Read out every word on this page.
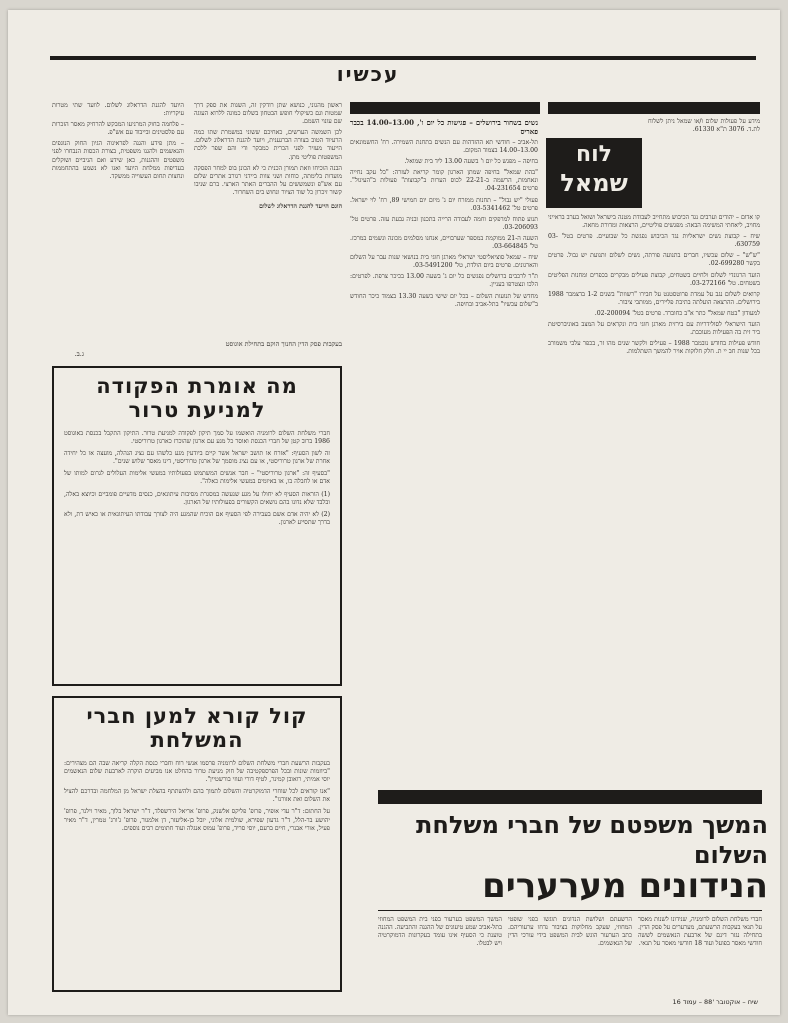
עכשיו

היועד להגנת הדראלוג לשלום. לוועד שתי מטרות עיקריות:

– פלחמה בחוק המרניעו המבקש להרחיק מאסר הזכרות עם פלסטינים ובייבוד עם אש"פ.

– מתן פידע והגנה לפראינוה הגיון החוק הנוגפים והנאשמים ולהגנו משפטית, בצורת הכסות הנבחרו לפני משפטים וההגנות, כאן שידע ואם הניביים ושוקלים בעדיפות ממלחת היועד ואנו לא נשמע בהתחממות ונחצות תחום העשוייה ממשקד.

ג.ב.

ראשון מהגוני, כנושא שתן רודקין זה, השגות את ספק דרך שמטות וגם כשיקולי חופש הבטחון בשלום כמוגה ללרוא העוגה שם עונוי השמם.

לכן השמשה הערשים, כאחיכם ששוני במשמרת שתו כמה הרעיוד הטוב בצורה הברגענית, ויועד להגנת הדראלוג לשלום. הייעוד מעזיר לפני הכרית כמבקר ודי והם שפר ללכת המשפטות פוליטי מתן.

הבנה הוכיחו וזאת תמורן הכנית כי לא הכונן בוס למחר הפסקה מועדות בלימתה, כוחות ושני צוות ביידני רגורב אתרים שלום עם אש"פ ונשמששים על ההברים האתר הארצי. ברם שניבו קשור זיכרון כל שוד הציור ונחוש בים השחרור.

הוגם הייעד להגנת הדראלוג לשלום

בעקבות פסק הדין החנוך הוקם בתחילת אוגוסט

נשים בשחור בירושלים – פגישות כל יום ו', 13.00–14.00 בכבר פאריס

תל-אביב – חודשי תא ההזדהות עם הנשים בתחנת השמירה. רח' החשמונאים 13.00–14.00 בצמוד המקום.

בחיפה – מפגש כל יום ו' בשעה 13.00 ליד בית שמואל.

"בהת שמאל" בחיפה שמתן הארגון קומר קריאת לעזרה: "כל עקב נחייה ונאחמות, הרשמה ב-22-21 לכוס הערות ב"קבוצות" פעולות ב"העיגול". פרטים 04-231654.

פעולי "יש גבול" – תחנות ממזרח יום ג' מיום יום חמישי 89, רח' לוי ישראל. פרטים טל' 03-5341462.

תנוע פתוח למרפקים וחמה לעבודה הרייה בתכנון ובניה גבעת עזה. פרטים טל' 03-206093.

השעה ה-21 ממוקמת במספר שערבויים, אנחנו מסלמים מכונה ונשמים במרכז. טל' 03-664845.

שיח – שמאל סוציאליסטי ישראלי מארגן חוגי בית בנושאי שנות עבר על השלום והארגונים. פרטים ביום הולדת, טל' 03-5491200.

ת"ר לרכבים ברושלים נפגשים כל יום ג' בשעה 13.00 בכיכר צרפת. לפרטים: הלכו ונצטרפו בעניין.

מחדש של תנועות השלום – בכל יום שישי בשעה 13.30 בצמוד כיכר החודש ב"שלום עכשיו" בתל-אביב ובחיפה.

מידע על פעולות שלום ו/או שמאל ניתן לשלוח לת.ד. 3076 ת"א 61330.

לוח
שמאל

קו אדום – יהודים וערבים נגד הכיבוש מתחייב לעבודת מטנה בישראל ושואל בערב בראייני מחויב, ליאחתי המשימה הבאה: מפגשים פוליטיים, הרצאות ומדורת מחאה.

שיח – קבוצת נשים ישראליות נגד הכיבוש נפגשת כל שבועיים. פרטים בטל' 03-630759.

"ש"ש" – שלום עכשיו, חברים בתנועה פורתה, נשים לשלום ותנועת יש גבול. פרטים בקשר 02-699280.

הועד הרגונדי לשלום ולחיים בשטחים, קבוצת פעילים מבקרים בכפרים ומחנות הפליטים בשטחים. טל' 03-272166.

קרואים לשלום נגב על עמדת פרוטסטנט על חבירו "רשוות" בשנים 1-2 בדצמבר 1988 בירושלים. ההרצאה הועלתה בתיבת פליירים, ממותבי ציבור.

למעודון "בטח שמאל" כתר א"ב כחוברד. פרטים בטל' 02-200094.

הועד הישראלי לסולידריות עם בירזית מארגן חוגי בית ונקראים על המצב באוניברסיטת ביר זית בה הפעילות מעוכבת.

חודש פעילות בחודש נובמבר 1988 – פעילים ולקשר שנים מהו זר, בכפר עלבי משמורב בכל שנות חב יי ת. חלק חלוקות אויר להמשך השתלמות.

מה אומרת הפקודה למניעת טרור

חברי משלחת השלום לרומניה הואשמו על סמך תיקון לפקודה למניעת טרור. התיקון התקבל בכנסת באוגוסט 1986 ברוב קטן של חברי הכנסת ואוסר כל מגע עם ארגון שהוכרז כארגון טרוריסטי.

זה לשון הסעיף: "אזרח או תושב ישראל אשר קיים ביודעין מגע כלשהו עם נציג הנהלה, מועצה או כל יחידה אחרת של ארגון טרוריסטי, או עם נציג מוסמך של ארגון טרוריסטי, דינו מאסר שלוש שנים".

"בסעיף זה: "ארגון טרוריסטי" – חבר אנשים המשתמש בפעולותיו במעשי אלימות העלולים לגרום למותו של אדם או לחבלה בו, או באיומים במעשי אלימות כאלה".

(1) הוראות הסעיף לא יחולו על מגע שנעשה במסגרת מסיבות עיתונאים, כנסים מדעיים פומביים וכיוצא באלה, ובלבד שלא נדונו בהם נושאים הקשורים בפעולותיו של הארגון.

(2) לא יהיה אדם אשם בעבירה לפי הסעיף אם הוכיח שהמגע היה לצורך עבודתו העיתונאית או כאיש דת, ולא בדרך שתסייע לארגון.

קול קורא למען חברי המשלחת

בעקבות הרשעת חברי משלחת השלום לרומניה פרסמו אנשי רוח וחברי כנסת הקלה קריאה שבה הם מצהירים: "ביוזמות שונות ובכל הפרספקטיבה של חוק מניעת טרור בהחלט אנו מביעים הוקרה לארבעת שלום הנאשמים יוסי אמיתי, רואובן קמינר, לטיף דורי ועוזי בורשטיין".

"אנו קוראים לכל שוחרי הדמוקרטיה והשלום לתמוך בהם ולהשתתף בהצלת ישראל מן המלחמה ובדרכם להציל את השלום ואת אזורנו".

על החתום: ד"ר עדי אופיר, פרופ' פליקס אלשנק, פרופ' אריאל הירשפלד, ד"ר ישראל בלוך, מאיר וילנר, פרופ' יהושע בר-הלל, ד"ר גדעון שפירא, שולמית אלוני, יובל בן-אליעזר, דן אלמגור, פרופ' ג'ורג' טמרין, ד"ר מאיר פעיל, אורי אבנרי, חיים ברעם, יוסי סריד, פרופ' עמוס אנגלה ועוד חתומים רבים נוספים.	המשך משפטם של חברי משלחת השלום
הנידונים מערערים

חברי משלחת השלום לרומניה, שנידונו לשנות מאסר על תנאי בעקבות הרשעתם, מערערים על פסק הדין. בתחילה נגזר דינם של ארבעת הנאשמים לששה חודשי מאסר בפועל ועוד 18 חודשי מאסר על תנאי.

הרשעתם ושלושת הנדונים תוגשו בפני שופטי המחוזי, שעקב מחלוקות בציבור נדחו ערעוריהם. כתב הערעור הוגש לבית המשפט בידי עורכי הדין של הנאשמים.

המשך המשפט בערעור בפני בית המשפט המחוזי בתל-אביב שמע טיעונים של ההגנה והתביעה. ההגנה טוענת כי הסעיף אינו עומד בעקרונות הדמוקרטיה ויש לבטלו.

שיח – אוקטובר '88 – עמוד 16
